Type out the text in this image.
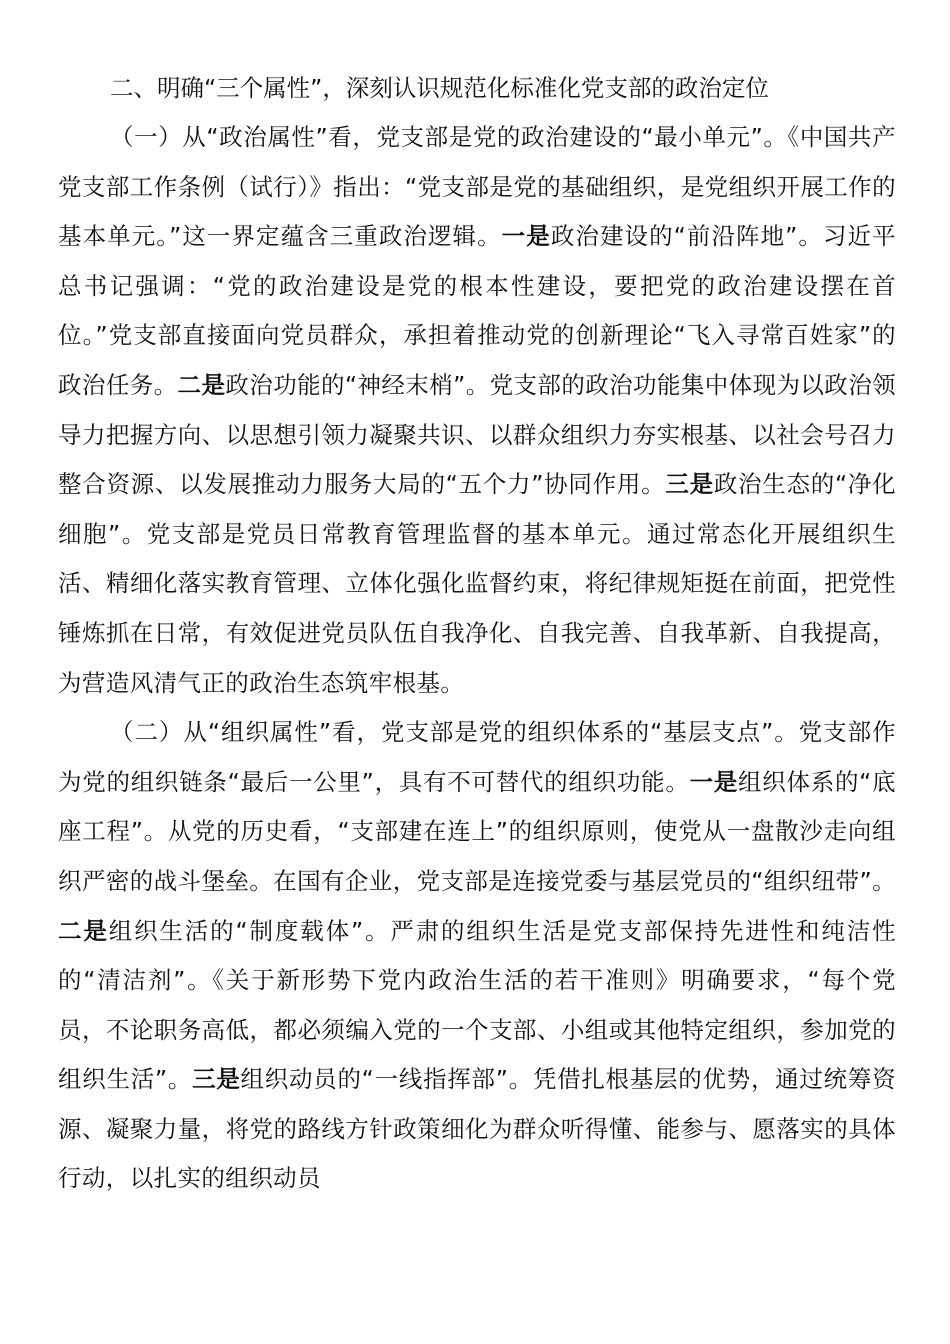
二、明确“三个属性”，深刻认识规范化标准化党支部的政治定位

（一）从“政治属性”看，党支部是党的政治建设的“最小单元”。《中国共产党支部工作条例（试行）》指出：“党支部是党的基础组织，是党组织开展工作的基本单元。”这一界定蕴含三重政治逻辑。一是政治建设的“前沿阵地”。习近平总书记强调：“党的政治建设是党的根本性建设，要把党的政治建设摆在首位。”党支部直接面向党员群众，承担着推动党的创新理论“飞入寻常百姓家”的政治任务。二是政治功能的“神经末梢”。党支部的政治功能集中体现为以政治领导力把握方向、以思想引领力凝聚共识、以群众组织力夯实根基、以社会号召力整合资源、以发展推动力服务大局的“五个力”协同作用。三是政治生态的“净化细胞”。党支部是党员日常教育管理监督的基本单元。通过常态化开展组织生活、精细化落实教育管理、立体化强化监督约束，将纪律规矩挺在前面，把党性锤炼抓在日常，有效促进党员队伍自我净化、自我完善、自我革新、自我提高，为营造风清气正的政治生态筑牢根基。

（二）从“组织属性”看，党支部是党的组织体系的“基层支点”。党支部作为党的组织链条“最后一公里”，具有不可替代的组织功能。一是组织体系的“底座工程”。从党的历史看，“支部建在连上”的组织原则，使党从一盘散沙走向组织严密的战斗堡垒。在国有企业，党支部是连接党委与基层党员的“组织纽带”。二是组织生活的“制度载体”。严肃的组织生活是党支部保持先进性和纯洁性的“清洁剂”。《关于新形势下党内政治生活的若干准则》明确要求，“每个党员，不论职务高低，都必须编入党的一个支部、小组或其他特定组织，参加党的组织生活”。三是组织动员的“一线指挥部”。凭借扎根基层的优势，通过统筹资源、凝聚力量，将党的路线方针政策细化为群众听得懂、能参与、愿落实的具体行动，以扎实的组织动员
